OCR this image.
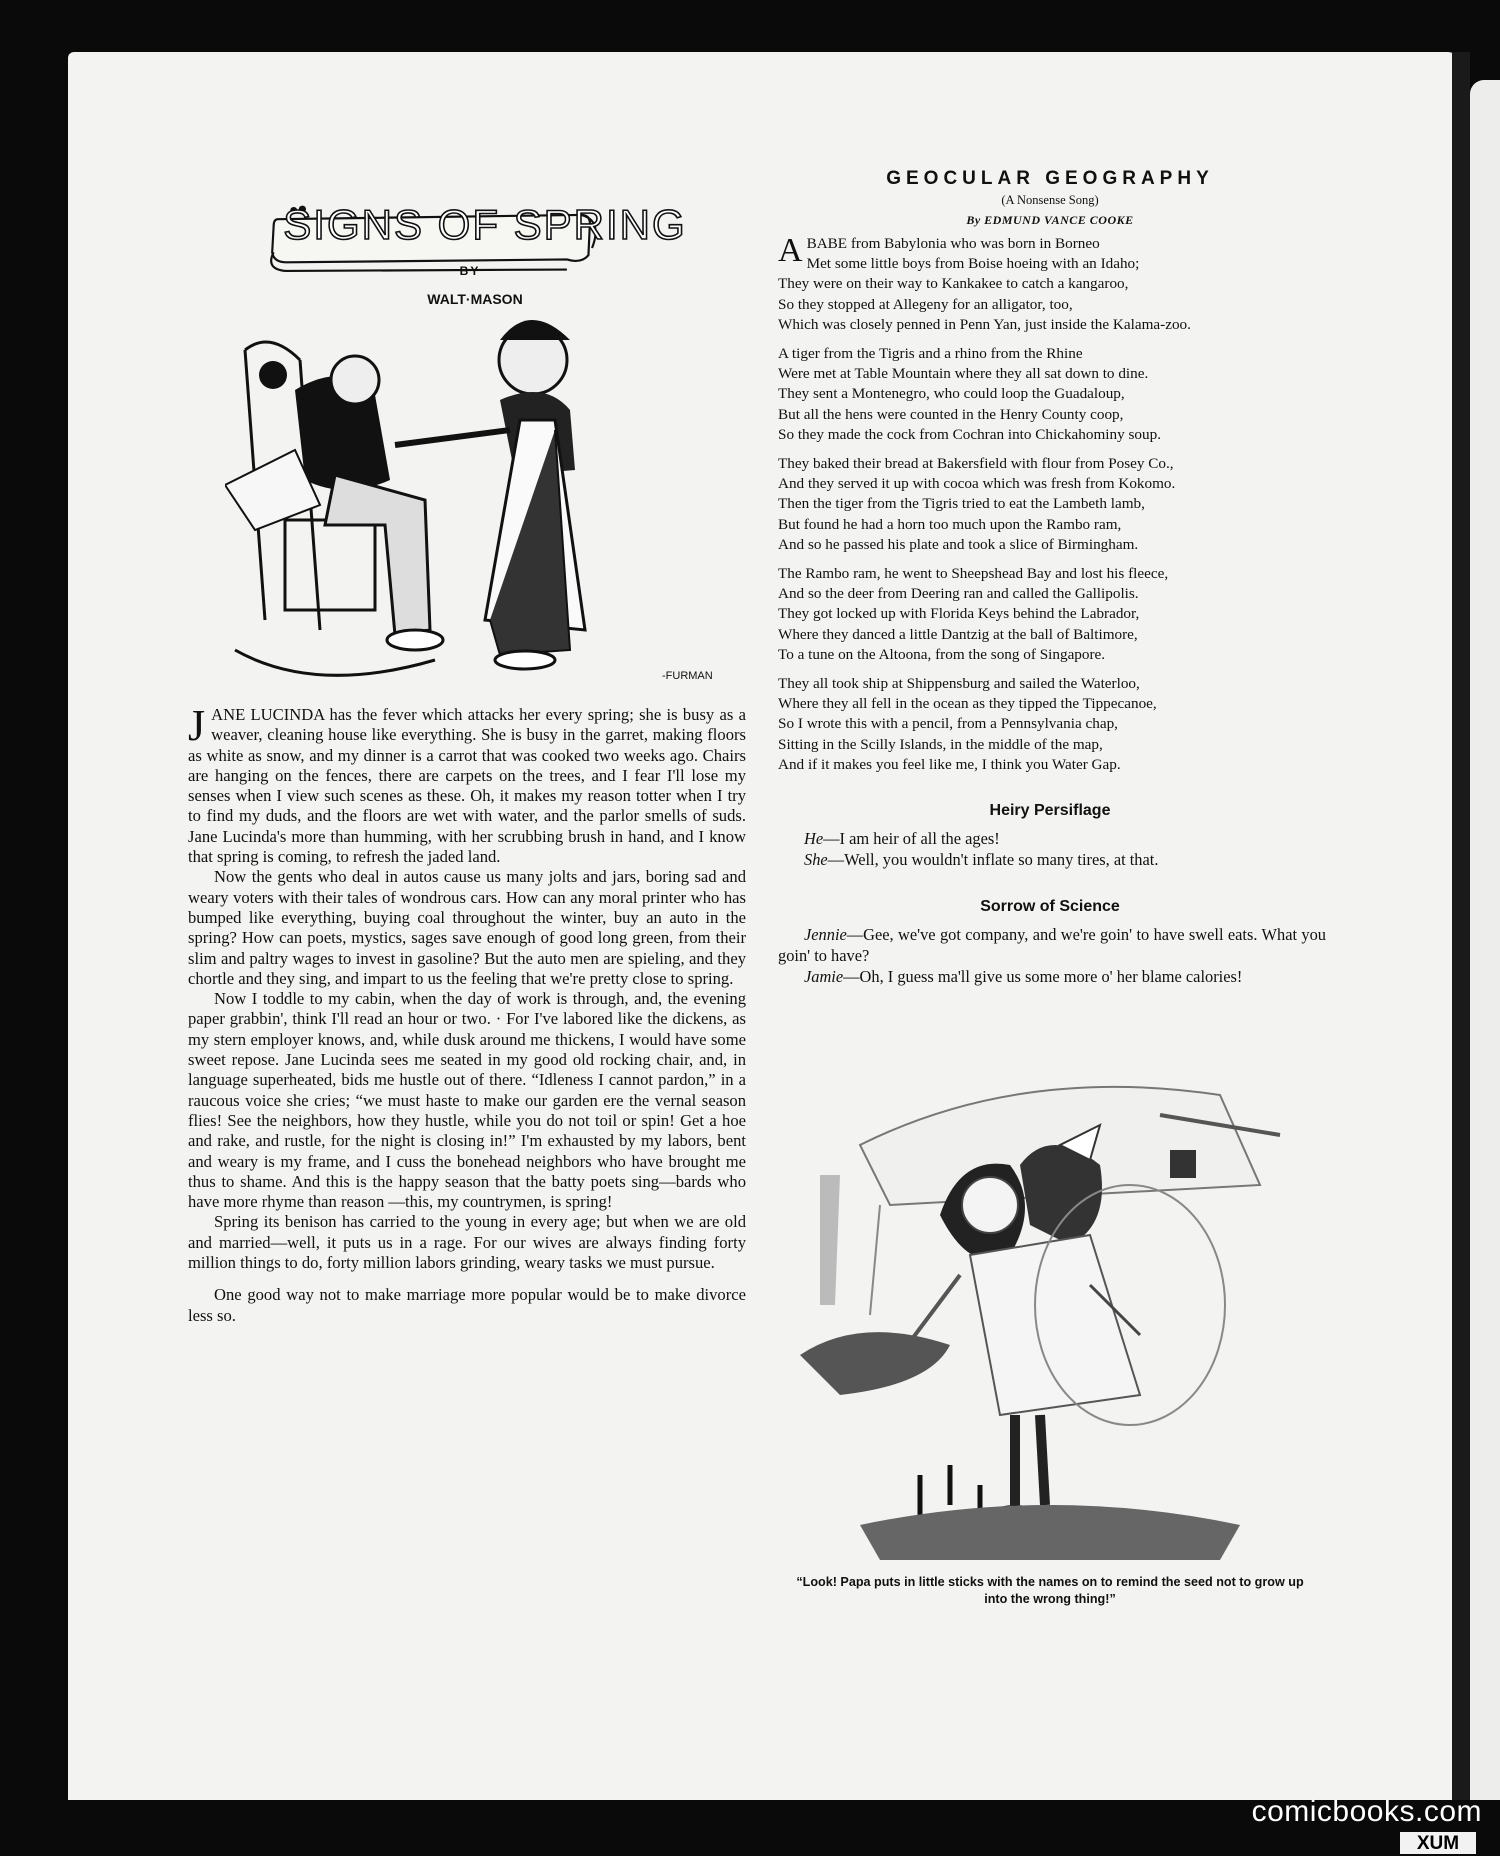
SIGNS OF SPRING
BY
WALT·MASON
-FURMAN

JANE LUCINDA has the fever which attacks her every spring; she is busy as a weaver, cleaning house like everything. She is busy in the garret, making floors as white as snow, and my dinner is a carrot that was cooked two weeks ago. Chairs are hanging on the fences, there are carpets on the trees, and I fear I'll lose my senses when I view such scenes as these. Oh, it makes my reason totter when I try to find my duds, and the floors are wet with water, and the parlor smells of suds. Jane Lucinda's more than humming, with her scrubbing brush in hand, and I know that spring is coming, to refresh the jaded land.

Now the gents who deal in autos cause us many jolts and jars, boring sad and weary voters with their tales of wondrous cars. How can any moral printer who has bumped like everything, buying coal throughout the winter, buy an auto in the spring? How can poets, mystics, sages save enough of good long green, from their slim and paltry wages to invest in gasoline? But the auto men are spieling, and they chortle and they sing, and impart to us the feeling that we're pretty close to spring.

Now I toddle to my cabin, when the day of work is through, and, the evening paper grabbin', think I'll read an hour or two. · For I've labored like the dickens, as my stern employer knows, and, while dusk around me thickens, I would have some sweet repose. Jane Lucinda sees me seated in my good old rocking chair, and, in language superheated, bids me hustle out of there. “Idleness I cannot pardon,” in a raucous voice she cries; “we must haste to make our garden ere the vernal season flies! See the neighbors, how they hustle, while you do not toil or spin! Get a hoe and rake, and rustle, for the night is closing in!” I'm exhausted by my labors, bent and weary is my frame, and I cuss the bonehead neighbors who have brought me thus to shame. And this is the happy season that the batty poets sing—bards who have more rhyme than reason —this, my countrymen, is spring!

Spring its benison has carried to the young in every age; but when we are old and married—well, it puts us in a rage. For our wives are always finding forty million things to do, forty million labors grinding, weary tasks we must pursue.

One good way not to make marriage more popular would be to make divorce less so.

GEOCULAR GEOGRAPHY
(A Nonsense Song)
By EDMUND VANCE COOKE
A BABE from Babylonia who was born in Borneo
Met some little boys from Boise hoeing with an Idaho;
They were on their way to Kankakee to catch a kangaroo,
So they stopped at Allegeny for an alligator, too,
Which was closely penned in Penn Yan, just inside the Kalama-zoo.
A tiger from the Tigris and a rhino from the Rhine
Were met at Table Mountain where they all sat down to dine.
They sent a Montenegro, who could loop the Guadaloup,
But all the hens were counted in the Henry County coop,
So they made the cock from Cochran into Chickahominy soup.
They baked their bread at Bakersfield with flour from Posey Co.,
And they served it up with cocoa which was fresh from Kokomo.
Then the tiger from the Tigris tried to eat the Lambeth lamb,
But found he had a horn too much upon the Rambo ram,
And so he passed his plate and took a slice of Birmingham.
The Rambo ram, he went to Sheepshead Bay and lost his fleece,
And so the deer from Deering ran and called the Gallipolis.
They got locked up with Florida Keys behind the Labrador,
Where they danced a little Dantzig at the ball of Baltimore,
To a tune on the Altoona, from the song of Singapore.
They all took ship at Shippensburg and sailed the Waterloo,
Where they all fell in the ocean as they tipped the Tippecanoe,
So I wrote this with a pencil, from a Pennsylvania chap,
Sitting in the Scilly Islands, in the middle of the map,
And if it makes you feel like me, I think you Water Gap.
Heiry Persiflage

He—I am heir of all the ages!

She—Well, you wouldn't inflate so many tires, at that.

Sorrow of Science

Jennie—Gee, we've got company, and we're goin' to have swell eats. What you goin' to have?

Jamie—Oh, I guess ma'll give us some more o' her blame calories!

“Look! Papa puts in little sticks with the names on to remind the seed not to grow up into the wrong thing!”
comicbooks.com
XUM
